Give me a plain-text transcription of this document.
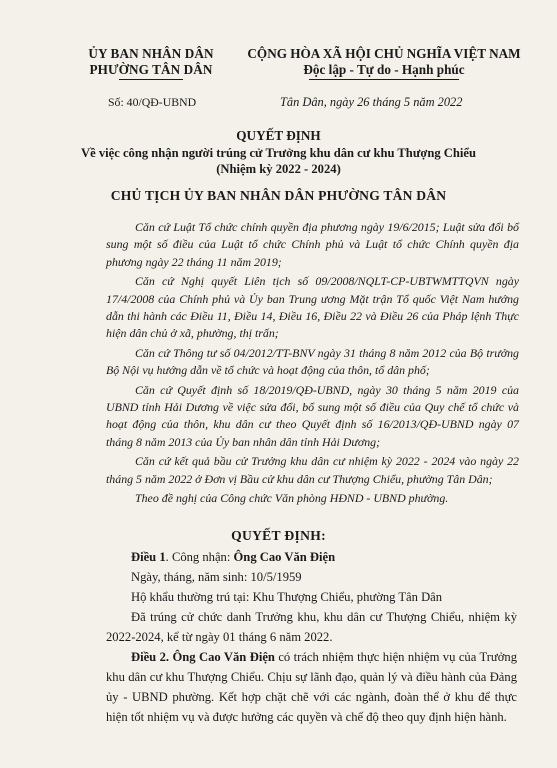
ỦY BAN NHÂN DÂN
PHƯỜNG TÂN DÂN
CỘNG HÒA XÃ HỘI CHỦ NGHĨA VIỆT NAM
Độc lập - Tự do - Hạnh phúc
Số: 40/QĐ-UBND	Tân Dân, ngày 26 tháng 5 năm 2022
QUYẾT ĐỊNH
Về việc công nhận người trúng cử Trưởng khu dân cư khu Thượng Chiểu
(Nhiệm kỳ 2022 - 2024)
CHỦ TỊCH ỦY BAN NHÂN DÂN PHƯỜNG TÂN DÂN

Căn cứ Luật Tổ chức chính quyền địa phương ngày 19/6/2015; Luật sửa đổi bổ sung một số điều của Luật tổ chức Chính phủ và Luật tổ chức Chính quyền địa phương ngày 22 tháng 11 năm 2019;

Căn cứ Nghị quyết Liên tịch số 09/2008/NQLT-CP-UBTWMTTQVN ngày 17/4/2008 của Chính phủ và Ủy ban Trung ương Mặt trận Tổ quốc Việt Nam hướng dẫn thi hành các Điều 11, Điều 14, Điều 16, Điều 22 và Điều 26 của Pháp lệnh Thực hiện dân chủ ở xã, phường, thị trấn;

Căn cứ Thông tư số 04/2012/TT-BNV ngày 31 tháng 8 năm 2012 của Bộ trưởng Bộ Nội vụ hướng dẫn về tổ chức và hoạt động của thôn, tổ dân phố;

Căn cứ Quyết định số 18/2019/QĐ-UBND, ngày 30 tháng 5 năm 2019 của UBND tỉnh Hải Dương về việc sửa đổi, bổ sung một số điều của Quy chế tổ chức và hoạt động của thôn, khu dân cư theo Quyết định số 16/2013/QĐ-UBND ngày 07 tháng 8 năm 2013 của Ủy ban nhân dân tỉnh Hải Dương;

Căn cứ kết quả bầu cử Trưởng khu dân cư nhiệm kỳ 2022 - 2024 vào ngày 22 tháng 5 năm 2022 ở Đơn vị Bầu cử khu dân cư Thượng Chiểu, phường Tân Dân;

Theo đề nghị của Công chức Văn phòng HĐND - UBND phường.

QUYẾT ĐỊNH:

Điều 1. Công nhận: Ông Cao Văn Điện

Ngày, tháng, năm sinh: 10/5/1959

Hộ khẩu thường trú tại: Khu Thượng Chiểu, phường Tân Dân

Đã trúng cử chức danh Trưởng khu, khu dân cư Thượng Chiểu, nhiệm kỳ 2022-2024, kể từ ngày 01 tháng 6 năm 2022.

Điều 2. Ông Cao Văn Điện có trách nhiệm thực hiện nhiệm vụ của Trưởng khu dân cư khu Thượng Chiểu. Chịu sự lãnh đạo, quản lý và điều hành của Đảng ủy - UBND phường. Kết hợp chặt chẽ với các ngành, đoàn thể ở khu để thực hiện tốt nhiệm vụ và được hưởng các quyền và chế độ theo quy định hiện hành.
